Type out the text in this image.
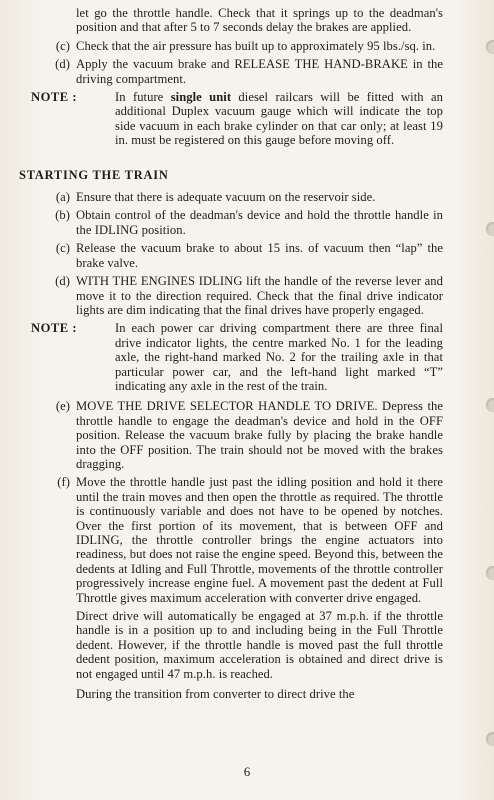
let go the throttle handle. Check that it springs up to the deadman's position and that after 5 to 7 seconds delay the brakes are applied.

(c) Check that the air pressure has built up to approximately 95 lbs./sq. in.
(d) Apply the vacuum brake and RELEASE THE HAND-BRAKE in the driving compartment.
NOTE :	In future single unit diesel railcars will be fitted with an additional Duplex vacuum gauge which will indicate the top side vacuum in each brake cylinder on that car only; at least 19 in. must be registered on this gauge before moving off.
STARTING THE TRAIN
(a) Ensure that there is adequate vacuum on the reservoir side.
(b) Obtain control of the deadman's device and hold the throttle handle in the IDLING position.
(c) Release the vacuum brake to about 15 ins. of vacuum then “lap” the brake valve.
(d) WITH THE ENGINES IDLING lift the handle of the reverse lever and move it to the direction required. Check that the final drive indicator lights are dim indicating that the final drives have properly engaged.
NOTE :	In each power car driving compartment there are three final drive indicator lights, the centre marked No. 1 for the leading axle, the right-hand marked No. 2 for the trailing axle in that particular power car, and the left-hand light marked “T” indicating any axle in the rest of the train.
(e) MOVE THE DRIVE SELECTOR HANDLE TO DRIVE. Depress the throttle handle to engage the deadman's device and hold in the OFF position. Release the vacuum brake fully by placing the brake handle into the OFF position. The train should not be moved with the brakes dragging.
(f) Move the throttle handle just past the idling position and hold it there until the train moves and then open the throttle as required. The throttle is continuously variable and does not have to be opened by notches. Over the first portion of its movement, that is between OFF and IDLING, the throttle controller brings the engine actuators into readiness, but does not raise the engine speed. Beyond this, between the dedents at Idling and Full Throttle, movements of the throttle controller progressively increase engine fuel. A movement past the dedent at Full Throttle gives maximum acceleration with converter drive engaged.

Direct drive will automatically be engaged at 37 m.p.h. if the throttle handle is in a position up to and including being in the Full Throttle dedent. However, if the throttle handle is moved past the full throttle dedent position, maximum acceleration is obtained and direct drive is not engaged until 47 m.p.h. is reached.

During the transition from converter to direct drive the

6
